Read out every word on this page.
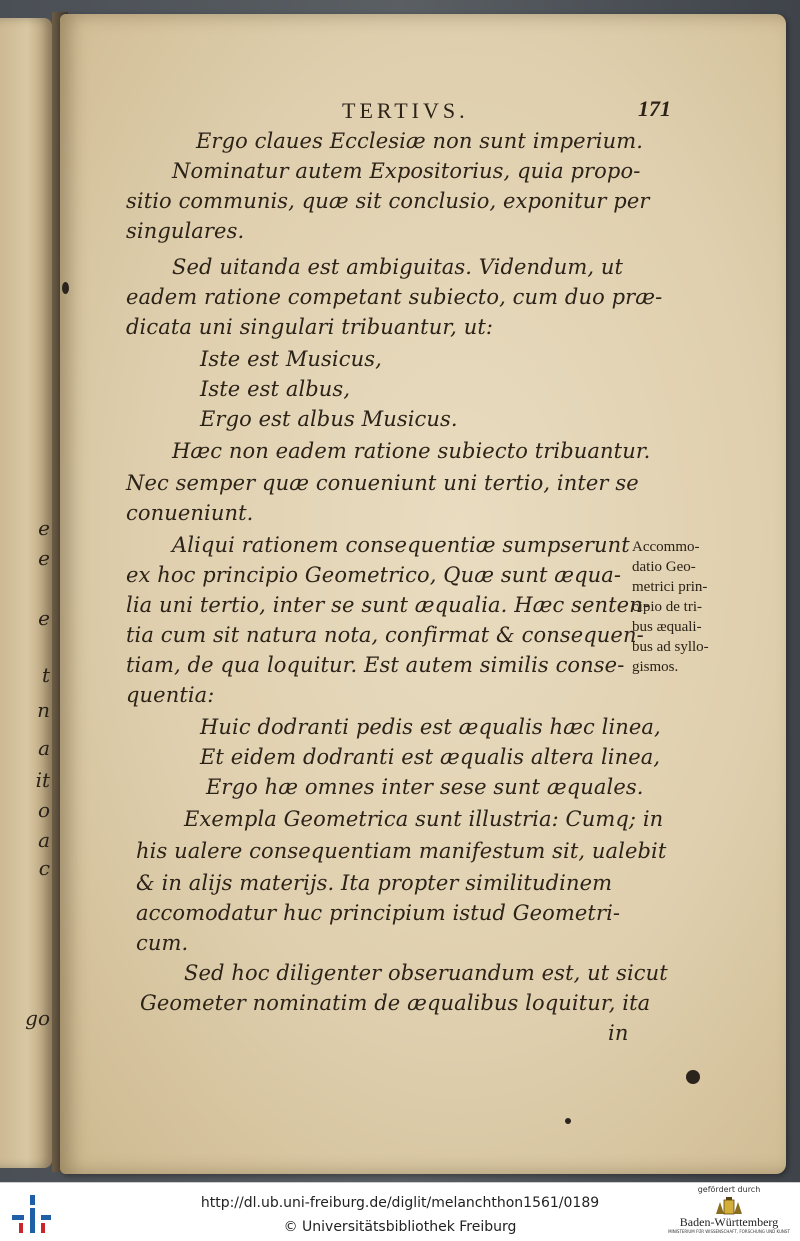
e
e
e
t
n
a
it
o
a
c
go
TERTIVS.	171
Ergo claues Ecclesiæ non sunt imperium.
Nominatur autem Expositorius, quia propo-
sitio communis, quæ sit conclusio, exponitur per
singulares.
Sed uitanda est ambiguitas. Videndum, ut
eadem ratione competant subiecto, cum duo præ-
dicata uni singulari tribuantur, ut:
Iste est Musicus,
Iste est albus,
Ergo est albus Musicus.
Hæc non eadem ratione subiecto tribuantur.
Nec semper quæ conueniunt uni tertio, inter se
conueniunt.
Aliqui rationem consequentiæ sumpserunt
ex hoc principio Geometrico, Quæ sunt æqua-
lia uni tertio, inter se sunt æqualia. Hæc senten-
tia cum sit natura nota, confirmat & consequen-
tiam, de qua loquitur. Est autem similis conse-
quentia:
Huic dodranti pedis est æqualis hæc linea,
Et eidem dodranti est æqualis altera linea,
Ergo hæ omnes inter sese sunt æquales.
Exempla Geometrica sunt illustria: Cumq; in
his ualere consequentiam manifestum sit, ualebit
& in alijs materijs. Ita propter similitudinem
accomodatur huc principium istud Geometri-
cum.
Sed hoc diligenter obseruandum est, ut sicut
Geometer nominatim de æqualibus loquitur, ita
in
Accommo-
datio Geo-
metrici prin-
cipio de tri-
bus æquali-
bus ad syllo-
gismos.
http://dl.ub.uni-freiburg.de/diglit/melanchthon1561/0189
© Universitätsbibliothek Freiburg
gefördert durch
Baden-Württemberg
MINISTERIUM FÜR WISSENSCHAFT, FORSCHUNG UND KUNST
